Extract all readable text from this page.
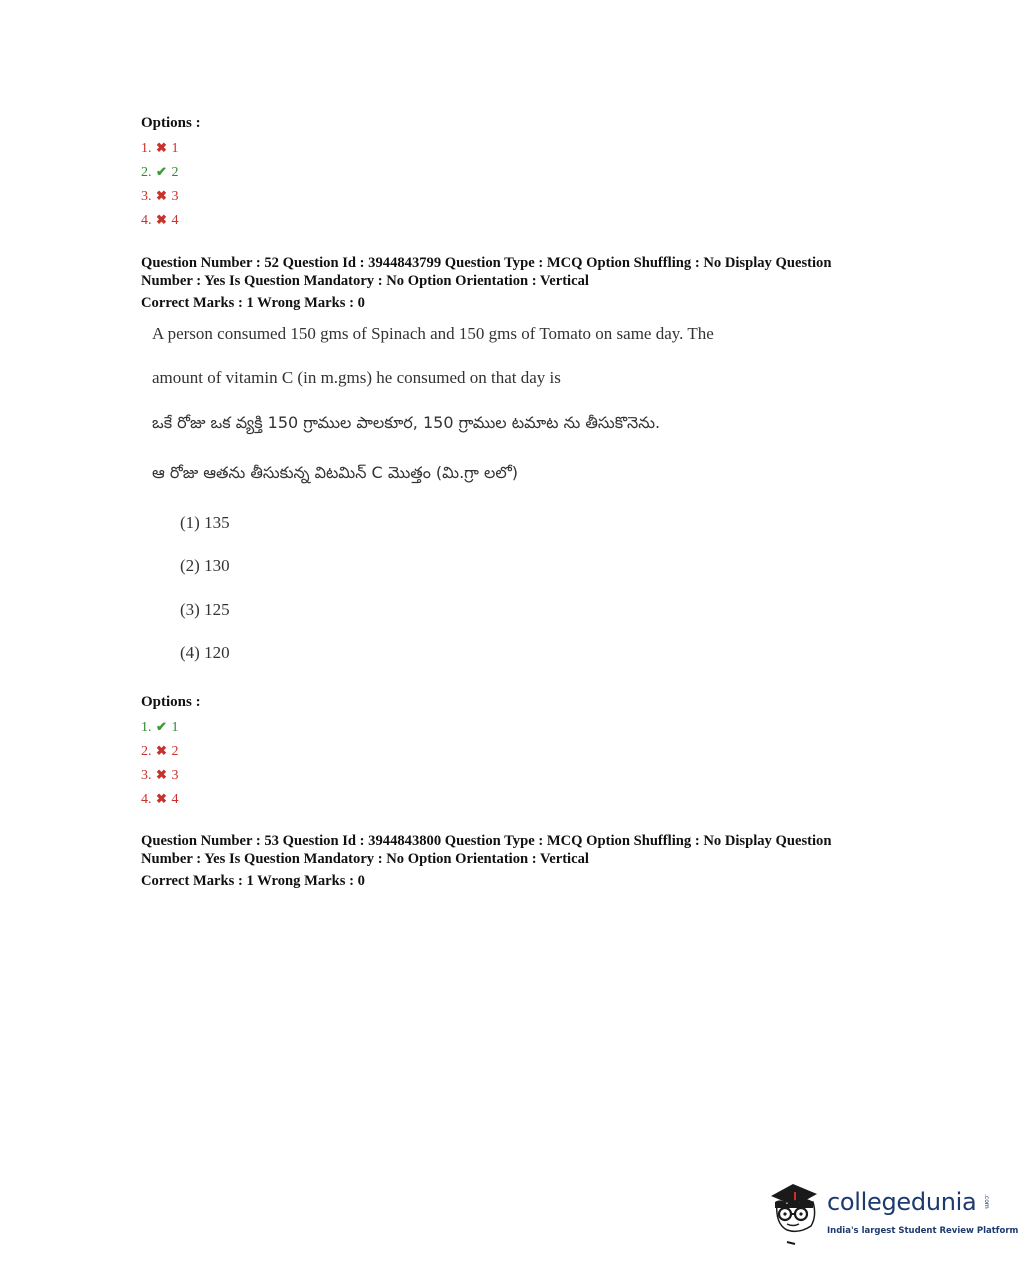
Options :
1. ✖ 1
2. ✔ 2
3. ✖ 3
4. ✖ 4
Question Number : 52 Question Id : 3944843799 Question Type : MCQ Option Shuffling : No Display Question
Number : Yes Is Question Mandatory : No Option Orientation : Vertical
Correct Marks : 1 Wrong Marks : 0
A person consumed 150 gms of Spinach and 150 gms of Tomato on same day. The
amount of vitamin C (in m.gms) he consumed on that day is
ఒకే రోజు ఒక వ్యక్తి 150 గ్రాముల పాలకూర, 150 గ్రాముల టమాట ను తీసుకొనెను.
ఆ రోజు ఆతను తీసుకున్న విటమిన్ C మొత్తం (మి.గ్రా లలో)
(1) 135
(2) 130
(3) 125
(4) 120
Options :
1. ✔ 1
2. ✖ 2
3. ✖ 3
4. ✖ 4
Question Number : 53 Question Id : 3944843800 Question Type : MCQ Option Shuffling : No Display Question
Number : Yes Is Question Mandatory : No Option Orientation : Vertical
Correct Marks : 1 Wrong Marks : 0
collegedunia .com
India's largest Student Review Platform
